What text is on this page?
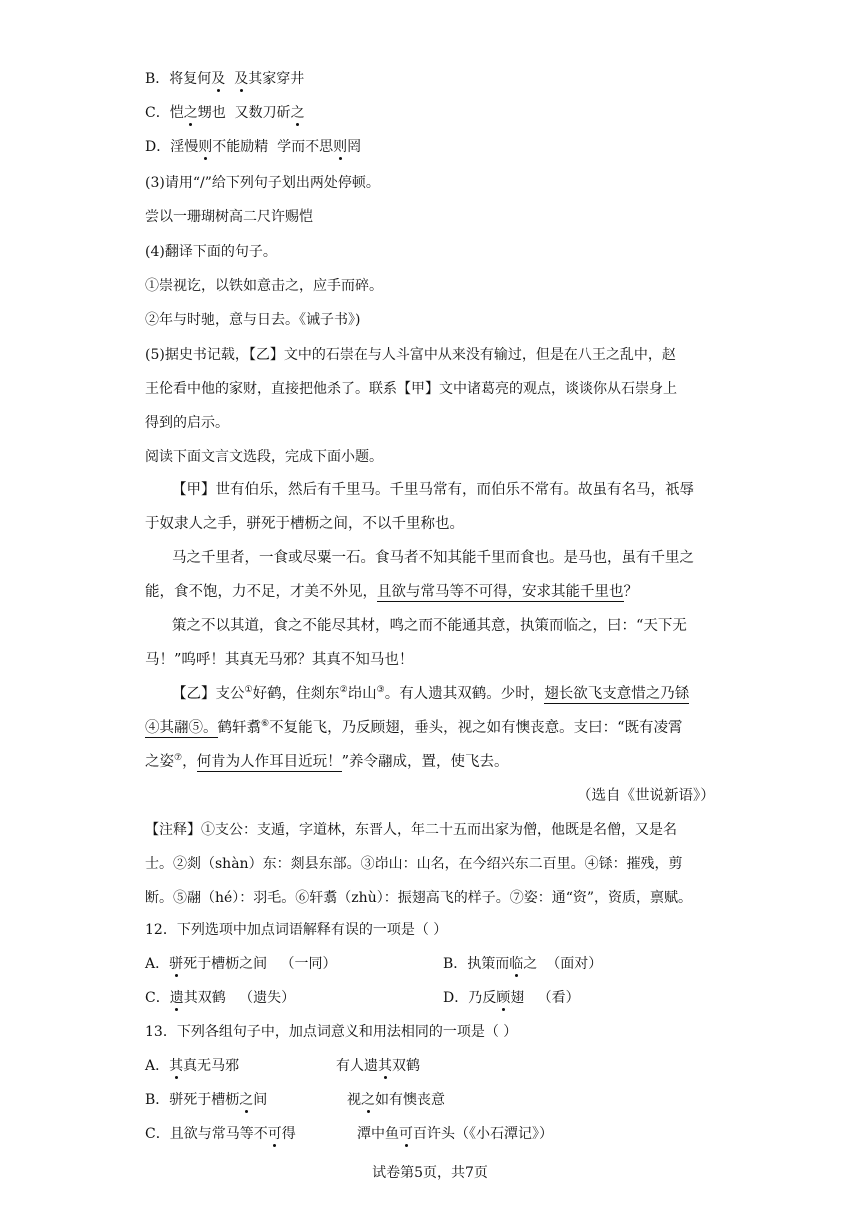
B．将复何及 及其家穿井
C．恺之甥也  又数刀斫之
D．淫慢则不能励精  学而不思则罔
(3)请用“/”给下列句子划出两处停顿。
尝以一珊瑚树高二尺许赐恺
(4)翻译下面的句子。
①崇视讫，以铁如意击之，应手而碎。
②年与时驰，意与日去。《诫子书》)
(5)据史书记载，【乙】文中的石崇在与人斗富中从来没有输过，但是在八王之乱中，赵
王伦看中他的家财，直接把他杀了。联系【甲】文中诸葛亮的观点，谈谈你从石崇身上
得到的启示。
阅读下面文言文选段，完成下面小题。
【甲】世有伯乐，然后有千里马。千里马常有，而伯乐不常有。故虽有名马，祇辱
于奴隶人之手，骈死于槽枥之间，不以千里称也。
马之千里者，一食或尽粟一石。食马者不知其能千里而食也。是马也，虽有千里之
能，食不饱，力不足，才美不外见，且欲与常马等不可得，安求其能千里也？
策之不以其道，食之不能尽其材，鸣之而不能通其意，执策而临之，曰：“天下无
马！”呜呼！其真无马邪？其真不知马也！
【乙】支公①好鹤，住剡东②岇山③。有人遗其双鹤。少时，翅长欲飞支意惜之乃铩
④其翮⑤。鹤轩翥⑥不复能飞，乃反顾翅，垂头，视之如有懊丧意。支曰：“既有凌霄
之姿⑦，何肯为人作耳目近玩！”养令翮成，置，使飞去。
（选自《世说新语》）
【注释】①支公：支遁，字道林，东晋人，年二十五而出家为僧，他既是名僧，又是名
士。②剡（shàn）东：剡县东部。③岇山：山名，在今绍兴东二百里。④铩：摧残，剪
断。⑤翮（hé）：羽毛。⑥轩翥（zhù）：振翅高飞的样子。⑦姿：通“资”，资质，禀赋。
12．下列选项中加点词语解释有误的一项是（ ）
A．骈死于槽枥之间   （一同）	B．执策而临之  （面对）
C．遗其双鹤   （遗失）	D．乃反顾翅   （看）
13．下列各组句子中，加点词意义和用法相同的一项是（ ）
A．其真无马邪	有人遗其双鹤
B．骈死于槽枥之间	视之如有懊丧意
C．且欲与常马等不可得	潭中鱼可百许头（《小石潭记》）
试卷第5页，共7页
